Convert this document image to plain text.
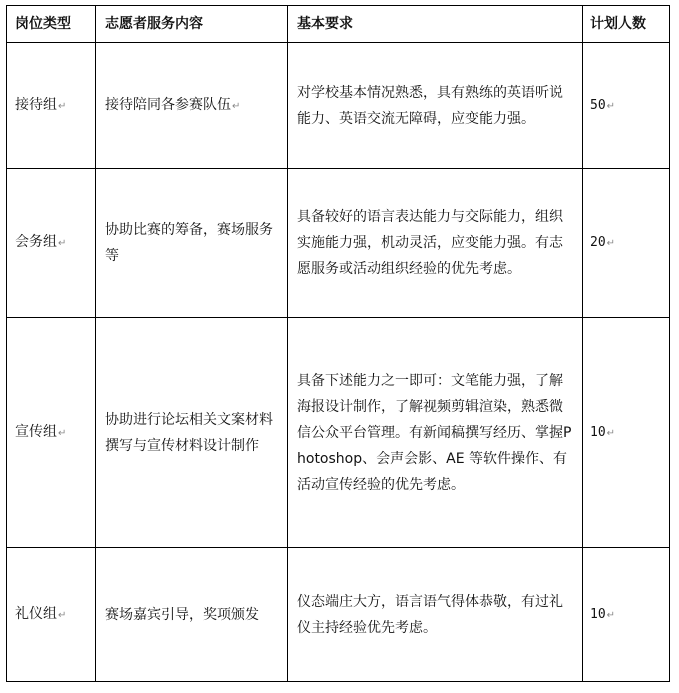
岗位类型	志愿者服务内容	基本要求	计划人数
接待组↵	接待陪同各参赛队伍↵	对学校基本情况熟悉，具有熟练的英语听说能力、英语交流无障碍，应变能力强。	50↵
会务组↵	协助比赛的筹备，赛场服务等	具备较好的语言表达能力与交际能力，组织实施能力强，机动灵活，应变能力强。有志愿服务或活动组织经验的优先考虑。	20↵
宣传组↵	协助进行论坛相关文案材料撰写与宣传材料设计制作	具备下述能力之一即可：文笔能力强，了解海报设计制作，了解视频剪辑渲染，熟悉微信公众平台管理。有新闻稿撰写经历、掌握Photoshop、会声会影、AE 等软件操作、有活动宣传经验的优先考虑。	10↵
礼仪组↵	赛场嘉宾引导，奖项颁发	仪态端庄大方，语言语气得体恭敬，有过礼仪主持经验优先考虑。	10↵
